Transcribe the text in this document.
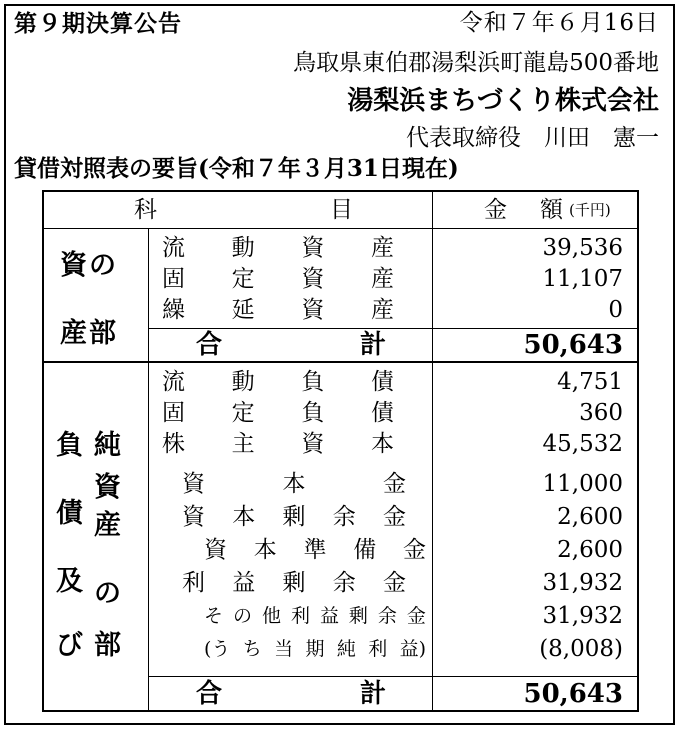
第９期決算公告	令和７年６月16日
鳥取県東伯郡湯梨浜町龍島500番地
湯梨浜まちづくり株式会社
代表取締役　川田　憲一
貸借対照表の要旨(令和７年３月31日現在)
科	目	金 額 (千円)
資の
産部
負
債
及
び
純
資
産
の
部
流 動 資 産	39,536
固 定 資 産	11,107
繰 延 資 産	0
合	計	50,643
流 動 負 債	4,751
固 定 負 債	360
株 主 資 本	45,532
資	本	金	11,000
資 本 剰 余 金	2,600
資 本 準 備 金	2,600
利 益 剰 余 金	31,932
そ の 他 利 益 剰 余 金	31,932
(う ち 当 期 純 利 益)	(8,008)
合	計	50,643
